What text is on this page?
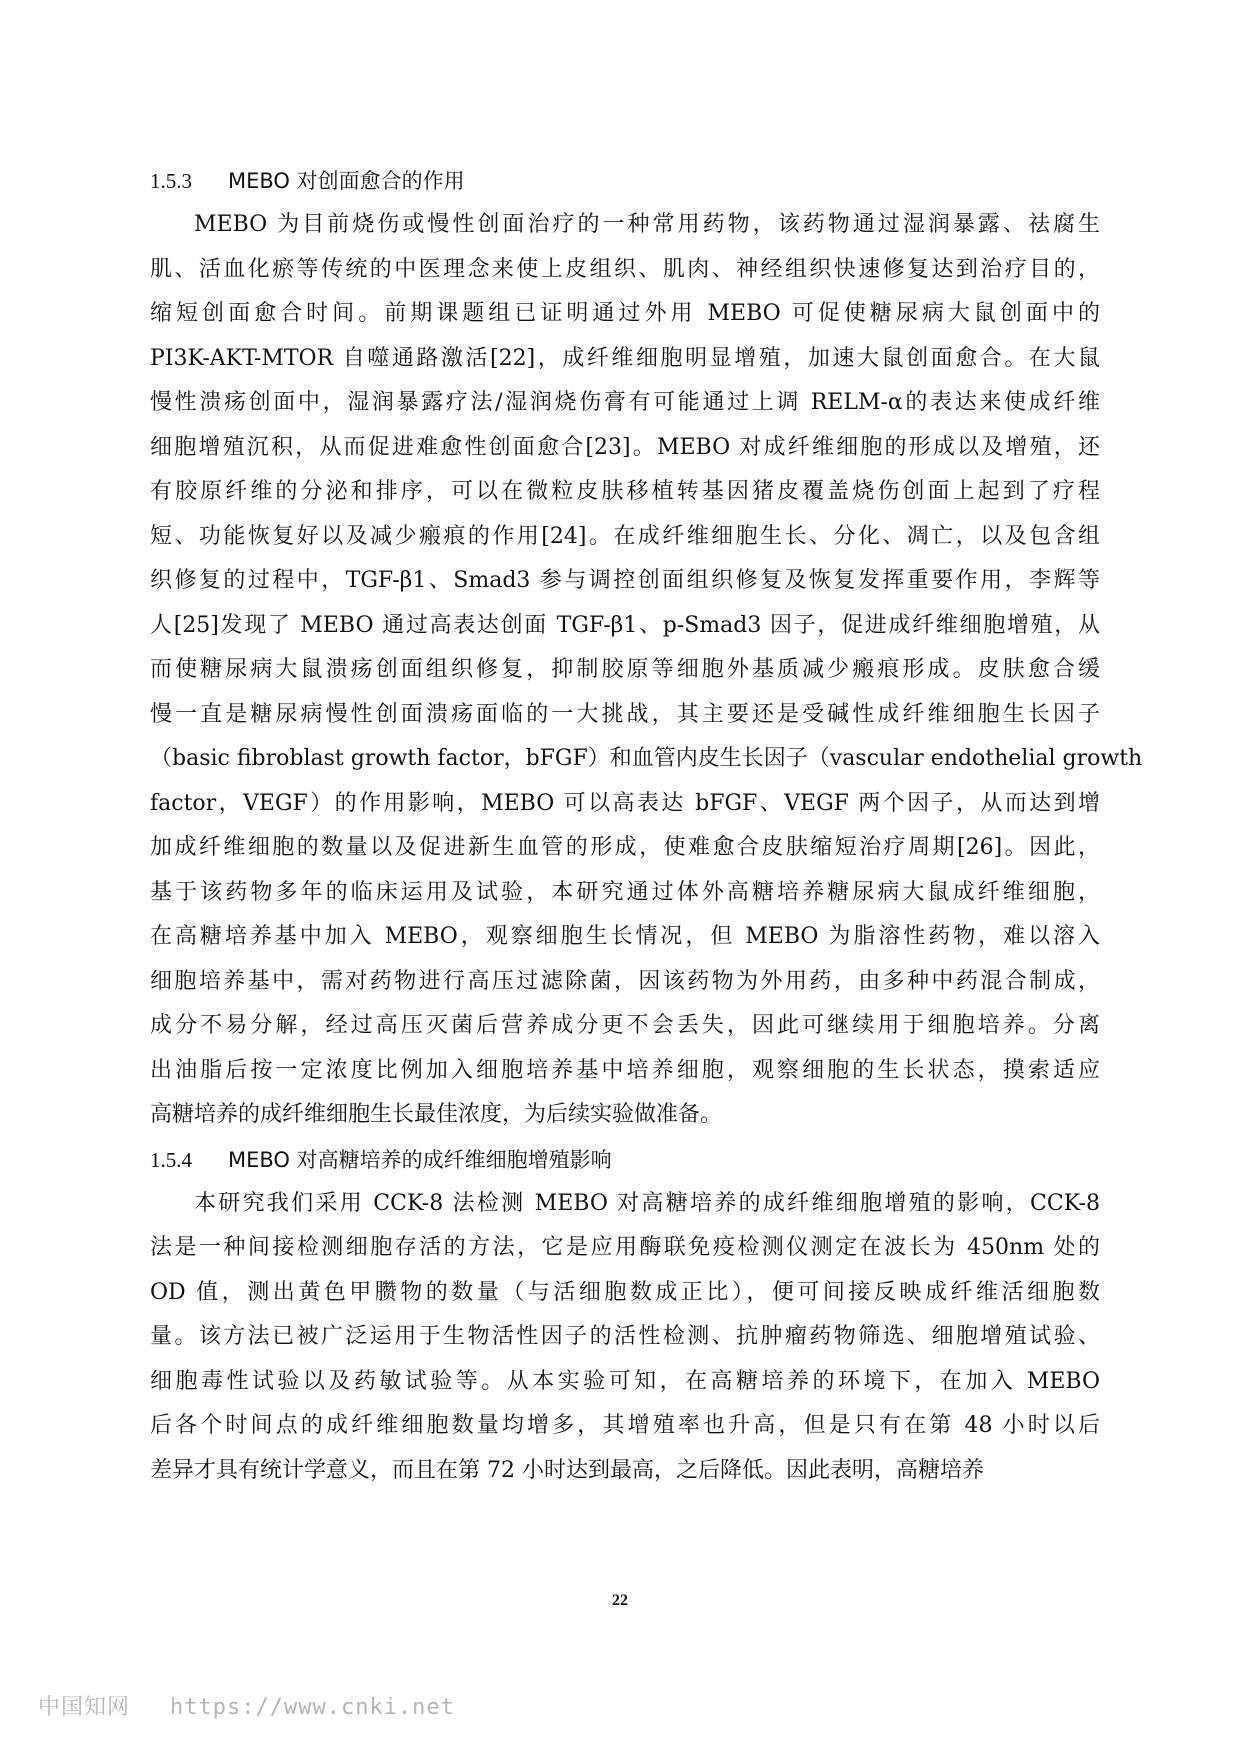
1.5.3 MEBO 对创面愈合的作用
MEBO 为目前烧伤或慢性创面治疗的一种常用药物，该药物通过湿润暴露、祛腐生
肌、活血化瘀等传统的中医理念来使上皮组织、肌肉、神经组织快速修复达到治疗目的，
缩短创面愈合时间。前期课题组已证明通过外用 MEBO 可促使糖尿病大鼠创面中的
PI3K-AKT-MTOR 自噬通路激活[22]，成纤维细胞明显增殖，加速大鼠创面愈合。在大鼠
慢性溃疡创面中，湿润暴露疗法/湿润烧伤膏有可能通过上调 RELM-α的表达来使成纤维
细胞增殖沉积，从而促进难愈性创面愈合[23]。MEBO 对成纤维细胞的形成以及增殖，还
有胶原纤维的分泌和排序，可以在微粒皮肤移植转基因猪皮覆盖烧伤创面上起到了疗程
短、功能恢复好以及减少瘢痕的作用[24]。在成纤维细胞生长、分化、凋亡，以及包含组
织修复的过程中，TGF-β1、Smad3 参与调控创面组织修复及恢复发挥重要作用，李辉等
人[25]发现了 MEBO 通过高表达创面 TGF-β1、p-Smad3 因子，促进成纤维细胞增殖，从
而使糖尿病大鼠溃疡创面组织修复，抑制胶原等细胞外基质减少瘢痕形成。皮肤愈合缓
慢一直是糖尿病慢性创面溃疡面临的一大挑战，其主要还是受碱性成纤维细胞生长因子
（basic fibroblast growth factor，bFGF）和血管内皮生长因子（vascular endothelial growth
factor，VEGF）的作用影响，MEBO 可以高表达 bFGF、VEGF 两个因子，从而达到增
加成纤维细胞的数量以及促进新生血管的形成，使难愈合皮肤缩短治疗周期[26]。因此，
基于该药物多年的临床运用及试验，本研究通过体外高糖培养糖尿病大鼠成纤维细胞，
在高糖培养基中加入 MEBO，观察细胞生长情况，但 MEBO 为脂溶性药物，难以溶入
细胞培养基中，需对药物进行高压过滤除菌，因该药物为外用药，由多种中药混合制成，
成分不易分解，经过高压灭菌后营养成分更不会丢失，因此可继续用于细胞培养。分离
出油脂后按一定浓度比例加入细胞培养基中培养细胞，观察细胞的生长状态，摸索适应
高糖培养的成纤维细胞生长最佳浓度，为后续实验做准备。
1.5.4 MEBO 对高糖培养的成纤维细胞增殖影响
本研究我们采用 CCK-8 法检测 MEBO 对高糖培养的成纤维细胞增殖的影响，CCK-8
法是一种间接检测细胞存活的方法，它是应用酶联免疫检测仪测定在波长为 450nm 处的
OD 值，测出黄色甲臜物的数量（与活细胞数成正比），便可间接反映成纤维活细胞数
量。该方法已被广泛运用于生物活性因子的活性检测、抗肿瘤药物筛选、细胞增殖试验、
细胞毒性试验以及药敏试验等。从本实验可知，在高糖培养的环境下，在加入 MEBO
后各个时间点的成纤维细胞数量均增多，其增殖率也升高，但是只有在第 48 小时以后
差异才具有统计学意义，而且在第 72 小时达到最高，之后降低。因此表明，高糖培养
22
中国知网 https://www.cnki.net
